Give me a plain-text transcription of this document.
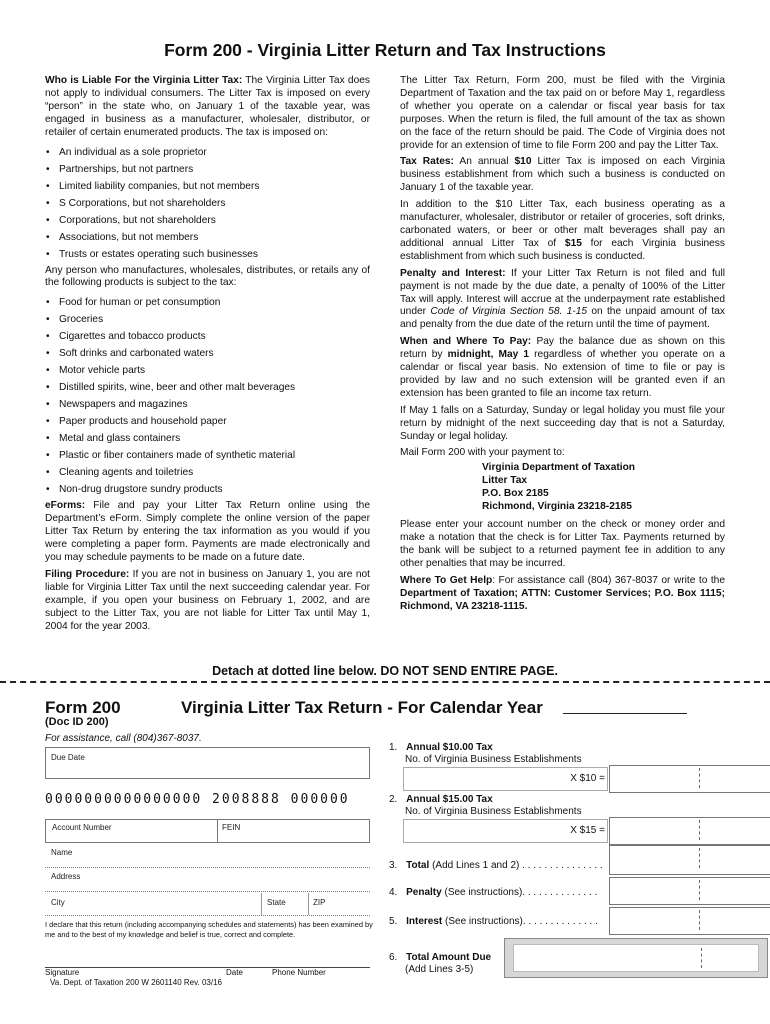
Form 200 - Virginia Litter Return and Tax Instructions

Who is Liable For the Virginia Litter Tax: The Virginia Litter Tax does not apply to individual consumers. The Litter Tax is imposed on every “person” in the state who, on January 1 of the taxable year, was engaged in business as a manufacturer, wholesaler, distributor, or retailer of certain enumerated products. The tax is imposed on:

• An individual as a sole proprietor
• Partnerships, but not partners
• Limited liability companies, but not members
• S Corporations, but not shareholders
• Corporations, but not shareholders
• Associations, but not members
• Trusts or estates operating such businesses

Any person who manufactures, wholesales, distributes, or retails any of the following products is subject to the tax:

• Food for human or pet consumption
• Groceries
• Cigarettes and tobacco products
• Soft drinks and carbonated waters
• Motor vehicle parts
• Distilled spirits, wine, beer and other malt beverages
• Newspapers and magazines
• Paper products and household paper
• Metal and glass containers
• Plastic or fiber containers made of synthetic material
• Cleaning agents and toiletries
• Non-drug drugstore sundry products

eForms: File and pay your Litter Tax Return online using the Department’s eForm. Simply complete the online version of the paper Litter Tax Return by entering the tax information as you would if you were completing a paper form. Payments are made electronically and you may schedule payments to be made on a future date.

Filing Procedure: If you are not in business on January 1, you are not liable for Virginia Litter Tax until the next succeeding calendar year. For example, if you open your business on February 1, 2002, and are subject to the Litter Tax, you are not liable for Litter Tax until May 1, 2004 for the year 2003.

The Litter Tax Return, Form 200, must be filed with the Virginia Department of Taxation and the tax paid on or before May 1, regardless of whether you operate on a calendar or fiscal year basis for tax purposes. When the return is filed, the full amount of the tax as shown on the face of the return should be paid. The Code of Virginia does not provide for an extension of time to file Form 200 and pay the Litter Tax.

Tax Rates: An annual $10 Litter Tax is imposed on each Virginia business establishment from which such a business is conducted on January 1 of the taxable year.

In addition to the $10 Litter Tax, each business operating as a manufacturer, wholesaler, distributor or retailer of groceries, soft drinks, carbonated waters, or beer or other malt beverages shall pay an additional annual Litter Tax of $15 for each Virginia business establishment from which such business is conducted.

Penalty and Interest: If your Litter Tax Return is not filed and full payment is not made by the due date, a penalty of 100% of the Litter Tax will apply. Interest will accrue at the underpayment rate established under Code of Virginia Section 58. 1-15 on the unpaid amount of tax and penalty from the due date of the return until the time of payment.

When and Where To Pay: Pay the balance due as shown on this return by midnight, May 1 regardless of whether you operate on a calendar or fiscal year basis. No extension of time to file or pay is provided by law and no such extension will be granted even if an extension has been granted to file an income tax return.

If May 1 falls on a Saturday, Sunday or legal holiday you must file your return by midnight of the next succeeding day that is not a Saturday, Sunday or legal holiday.

Mail Form 200 with your payment to:

Virginia Department of Taxation
Litter Tax
P.O. Box 2185
Richmond, Virginia 23218-2185

Please enter your account number on the check or money order and make a notation that the check is for Litter Tax. Payments returned by the bank will be subject to a returned payment fee in addition to any other penalties that may be incurred.

Where To Get Help: For assistance call (804) 367-8037 or write to the Department of Taxation; ATTN: Customer Services; P.O. Box 1115; Richmond, VA 23218-1115.

Detach at dotted line below. DO NOT SEND ENTIRE PAGE.
Form 200
(Doc ID 200)
Virginia Litter Tax Return - For Calendar Year
For assistance, call (804)367-8037.
Due Date
0000000000000000 2008888 000000
Account Number	FEIN
Name
Address
City	State	ZIP
I declare that this return (including accompanying schedules and statements) has been examined by me and to the best of my knowledge and belief is true, correct and complete.
Signature	Date	Phone Number
Va. Dept. of Taxation 200 W 2601140 Rev. 03/16
1. Annual $10.00 Tax
No. of Virginia Business Establishments
X $10 =
2. Annual $15.00 Tax
No. of Virginia Business Establishments
X $15 =
3. Total (Add Lines 1 and 2) . . . . . . . . . . . . . . .
4. Penalty (See instructions). . . . . . . . . . . . . .
5. Interest (See instructions). . . . . . . . . . . . . .
6. Total Amount Due
(Add Lines 3-5)
